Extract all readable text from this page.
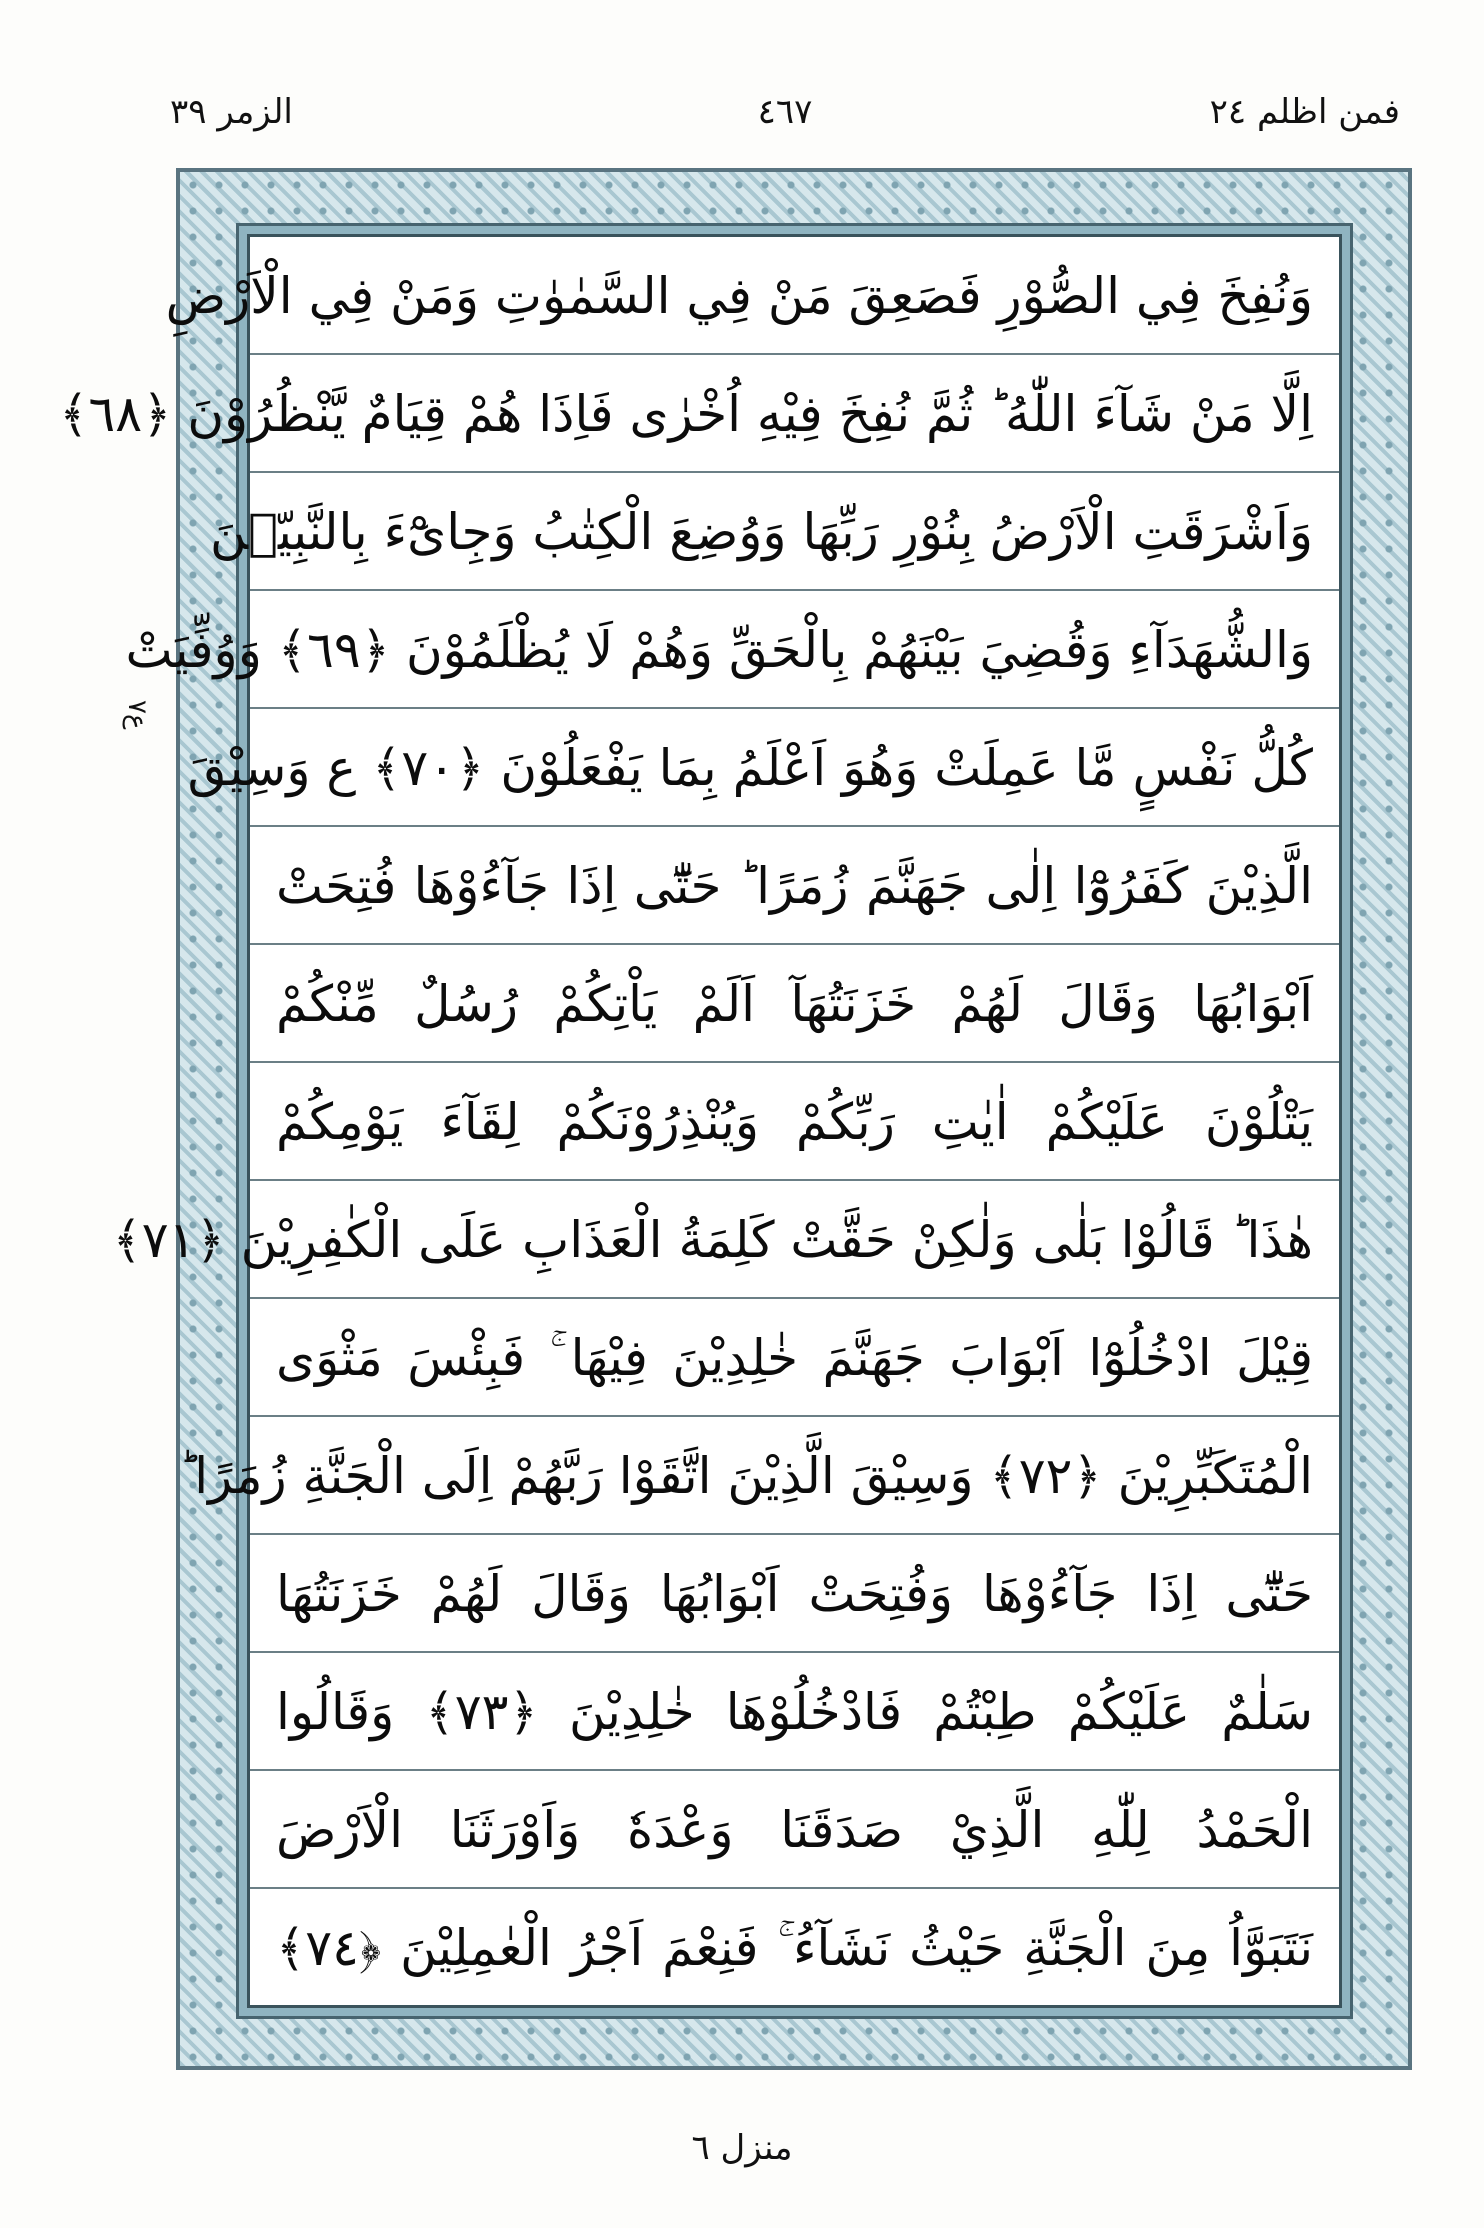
فمن اظلم ٢٤
٤٦٧
الزمر ٣٩
ع٧
وَنُفِخَ فِي الصُّوْرِ فَصَعِقَ مَنْ فِي السَّمٰوٰتِ وَمَنْ فِي الْاَرْضِ
اِلَّا مَنْ شَآءَ اللّٰهُ ؕ ثُمَّ نُفِخَ فِيْهِ اُخْرٰى فَاِذَا هُمْ قِيَامٌ يَّنْظُرُوْنَ ﴿٦٨﴾
وَاَشْرَقَتِ الْاَرْضُ بِنُوْرِ رَبِّهَا وَوُضِعَ الْكِتٰبُ وَجِایْٓءَ بِالنَّبِيّٖنَ
وَالشُّهَدَآءِ وَقُضِيَ بَيْنَهُمْ بِالْحَقِّ وَهُمْ لَا يُظْلَمُوْنَ ﴿٦٩﴾ وَوُفِّيَتْ
كُلُّ نَفْسٍ مَّا عَمِلَتْ وَهُوَ اَعْلَمُ بِمَا يَفْعَلُوْنَ ﴿٧٠﴾ ع وَسِيْقَ
الَّذِيْنَ كَفَرُوْٓا اِلٰى جَهَنَّمَ زُمَرًا ؕ حَتّٰٓى اِذَا جَآءُوْهَا فُتِحَتْ
اَبْوَابُهَا وَقَالَ لَهُمْ خَزَنَتُهَآ اَلَمْ يَاْتِكُمْ رُسُلٌ مِّنْكُمْ
يَتْلُوْنَ عَلَيْكُمْ اٰيٰتِ رَبِّكُمْ وَيُنْذِرُوْنَكُمْ لِقَآءَ يَوْمِكُمْ
هٰذَا ؕ قَالُوْا بَلٰى وَلٰكِنْ حَقَّتْ كَلِمَةُ الْعَذَابِ عَلَى الْكٰفِرِيْنَ ﴿٧١﴾
قِيْلَ ادْخُلُوْٓا اَبْوَابَ جَهَنَّمَ خٰلِدِيْنَ فِيْهَا ۚ فَبِئْسَ مَثْوَى
الْمُتَكَبِّرِيْنَ ﴿٧٢﴾ وَسِيْقَ الَّذِيْنَ اتَّقَوْا رَبَّهُمْ اِلَى الْجَنَّةِ زُمَرًا ؕ
حَتّٰٓى اِذَا جَآءُوْهَا وَفُتِحَتْ اَبْوَابُهَا وَقَالَ لَهُمْ خَزَنَتُهَا
سَلٰمٌ عَلَيْكُمْ طِبْتُمْ فَادْخُلُوْهَا خٰلِدِيْنَ ﴿٧٣﴾ وَقَالُوا
الْحَمْدُ لِلّٰهِ الَّذِيْ صَدَقَنَا وَعْدَهٗ وَاَوْرَثَنَا الْاَرْضَ
نَتَبَوَّاُ مِنَ الْجَنَّةِ حَيْثُ نَشَآءُ ۚ فَنِعْمَ اَجْرُ الْعٰمِلِيْنَ ﴿٧٤﴾
منزل ٦
